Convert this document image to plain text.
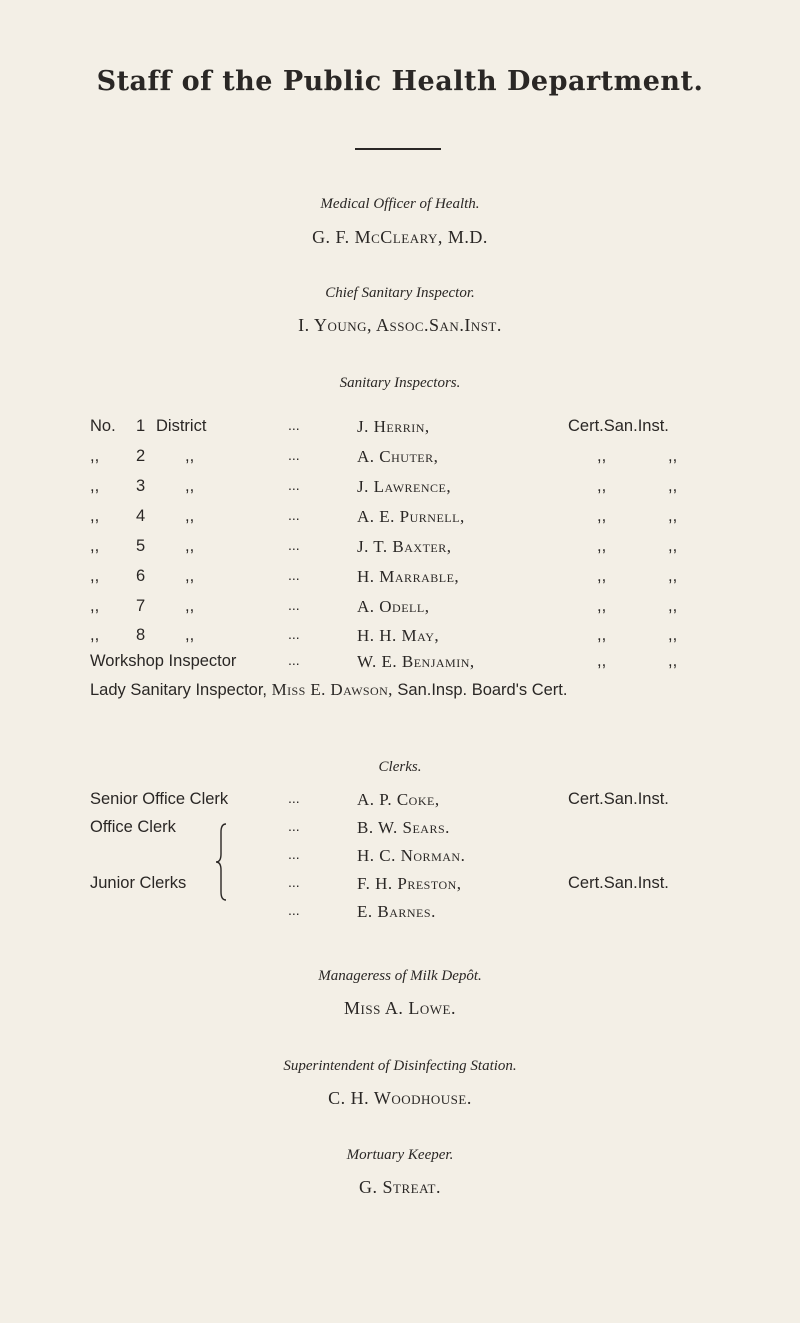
Staff of the Public Health Department.
Medical Officer of Health.
G. F. McCleary, M.D.
Chief Sanitary Inspector.
I. Young, Assoc.San.Inst.
Sanitary Inspectors.
No. 1 District	...	J. Herrin,	Cert.San.Inst.
,, 2 ,,	...	A. Chuter,	,,	,,
,, 3 ,,	...	J. Lawrence,	,,	,,
,, 4 ,,	...	A. E. Purnell,	,,	,,
,, 5 ,,	...	J. T. Baxter,	,,	,,
,, 6 ,,	...	H. Marrable,	,,	,,
,, 7 ,,	...	A. Odell,	,,	,,
,, 8 ,,	...	H. H. May,	,,	,,
Workshop Inspector	...	W. E. Benjamin,	,,	,,
Lady Sanitary Inspector, Miss E. Dawson, San.Insp. Board's Cert.
Clerks.
Senior Office Clerk	...	A. P. Coke,	Cert.San.Inst.
Office Clerk	...	B. W. Sears.
...	H. C. Norman.
Junior Clerks	...	F. H. Preston,	Cert.San.Inst.
...	E. Barnes.
Manageress of Milk Depôt.
Miss A. Lowe.
Superintendent of Disinfecting Station.
C. H. Woodhouse.
Mortuary Keeper.
G. Streat.
